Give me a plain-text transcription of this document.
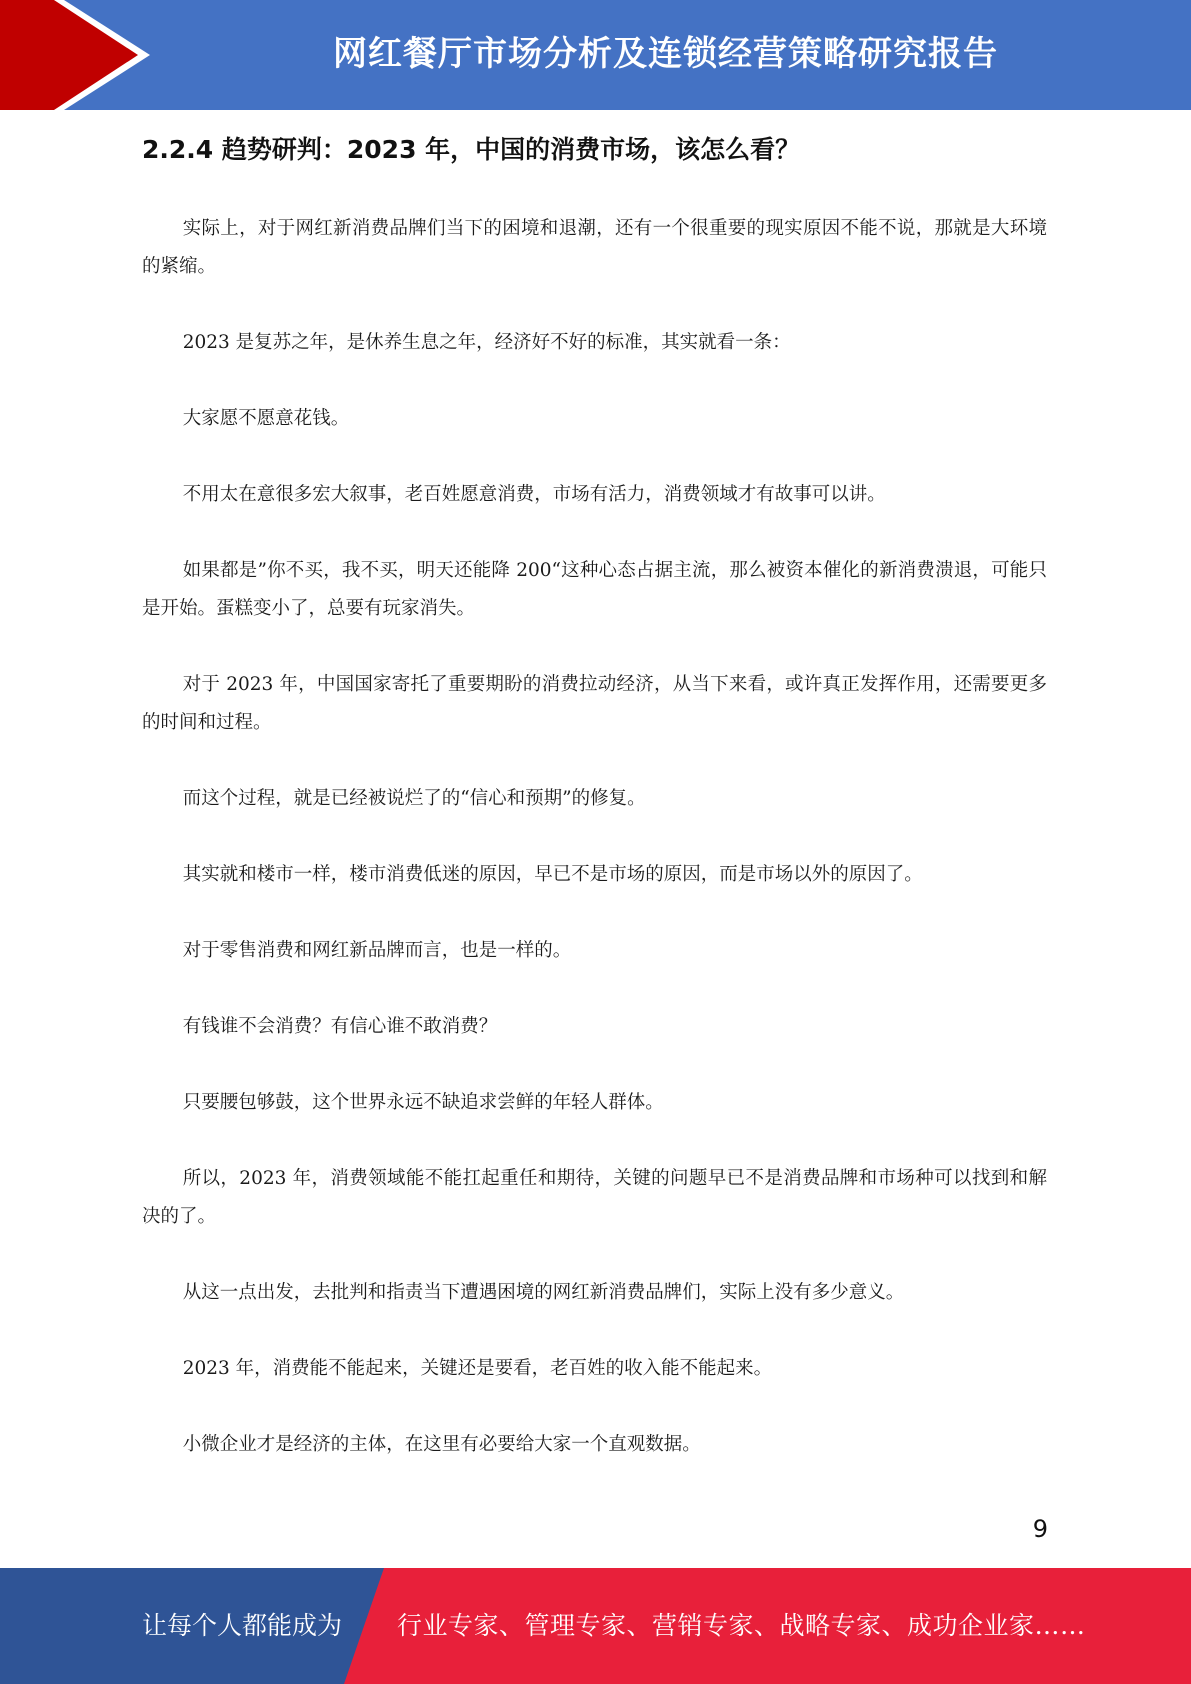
网红餐厅市场分析及连锁经营策略研究报告
2.2.4 趋势研判：2023 年，中国的消费市场，该怎么看？

实际上，对于网红新消费品牌们当下的困境和退潮，还有一个很重要的现实原因不能不说，那就是大环境的紧缩。

2023 是复苏之年，是休养生息之年，经济好不好的标准，其实就看一条：

大家愿不愿意花钱。

不用太在意很多宏大叙事，老百姓愿意消费，市场有活力，消费领域才有故事可以讲。

如果都是”你不买，我不买，明天还能降 200“这种心态占据主流，那么被资本催化的新消费溃退，可能只是开始。蛋糕变小了，总要有玩家消失。

对于 2023 年，中国国家寄托了重要期盼的消费拉动经济，从当下来看，或许真正发挥作用，还需要更多的时间和过程。

而这个过程，就是已经被说烂了的“信心和预期”的修复。

其实就和楼市一样，楼市消费低迷的原因，早已不是市场的原因，而是市场以外的原因了。

对于零售消费和网红新品牌而言，也是一样的。

有钱谁不会消费？有信心谁不敢消费？

只要腰包够鼓，这个世界永远不缺追求尝鲜的年轻人群体。

所以，2023 年，消费领域能不能扛起重任和期待，关键的问题早已不是消费品牌和市场种可以找到和解决的了。

从这一点出发，去批判和指责当下遭遇困境的网红新消费品牌们，实际上没有多少意义。

2023 年，消费能不能起来，关键还是要看，老百姓的收入能不能起来。

小微企业才是经济的主体，在这里有必要给大家一个直观数据。

9
让每个人都能成为 行业专家、管理专家、营销专家、战略专家、成功企业家……
